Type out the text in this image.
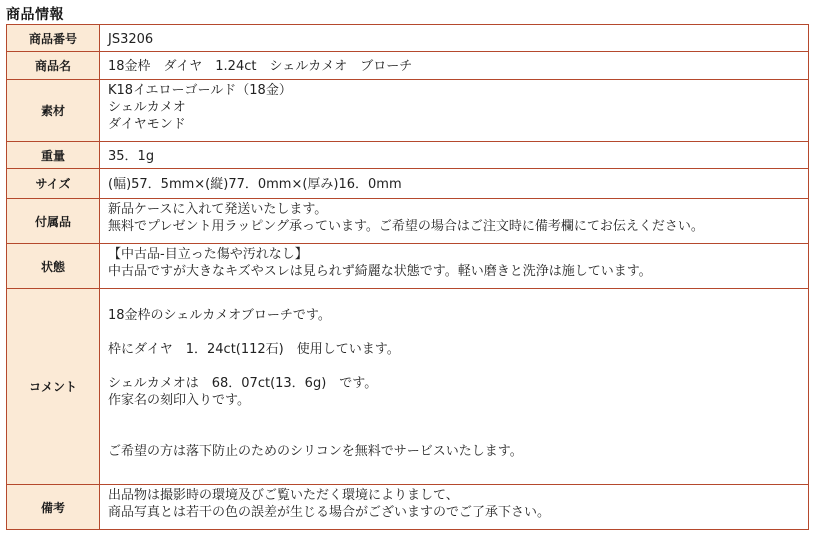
商品情報
商品番号	JS3206
商品名	18金枠　ダイヤ　1.24ct　シェルカメオ　ブローチ
素材	K18イエローゴールド（18金）
シェルカメオ
ダイヤモンド
重量	35．1g
サイズ	(幅)57．5mm×(縦)77．0mm×(厚み)16．0mm
付属品	新品ケースに入れて発送いたします。
無料でプレゼント用ラッピング承っています。ご希望の場合はご注文時に備考欄にてお伝えください。
状態	【中古品-目立った傷や汚れなし】
中古品ですが大きなキズやスレは見られず綺麗な状態です。軽い磨きと洗浄は施しています。
コメント	18金枠のシェルカメオブローチです。

枠にダイヤ　1．24ct(112石)　使用しています。

シェルカメオは　68．07ct(13．6g)　です。
作家名の刻印入りです。

ご希望の方は落下防止のためのシリコンを無料でサービスいたします。
備考	出品物は撮影時の環境及びご覧いただく環境によりまして、
商品写真とは若干の色の誤差が生じる場合がございますのでご了承下さい。
